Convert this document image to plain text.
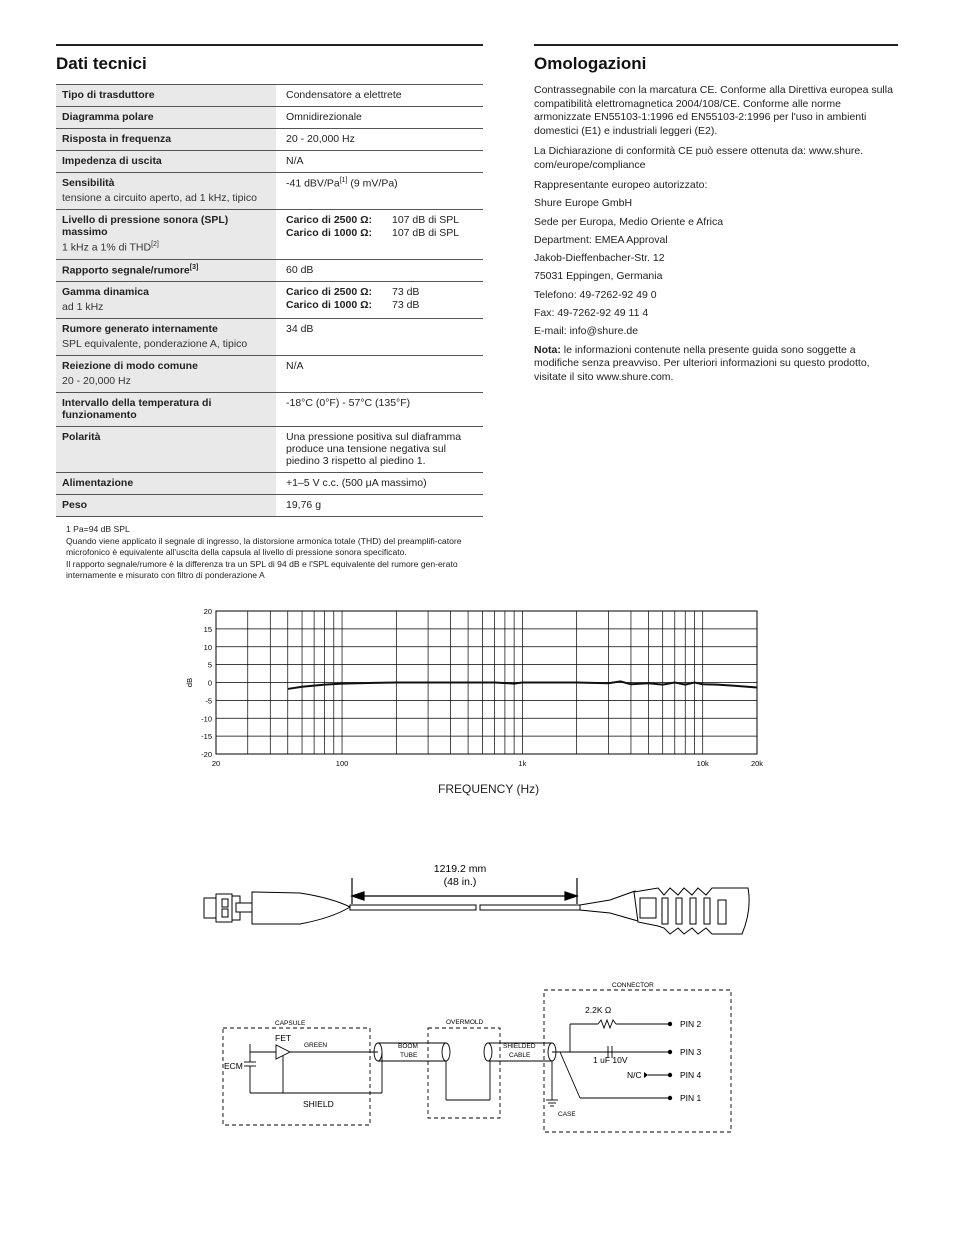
Dati tecnici
Tipo di trasduttore	Condensatore a elettrete

Diagramma polare	Omnidirezionale

Risposta in frequenza	20 - 20,000 Hz

Impedenza di uscita	N/A

Sensibilità
tensione a circuito aperto, ad 1 kHz, tipico	-41 dBV/Pa[1] (9 mV/Pa)

Livello di pressione sonora (SPL) massimo
1 kHz a 1% di THD[2]	Carico di 2500 Ω: 107 dB di SPL
Carico di 1000 Ω: 107 dB di SPL

Rapporto segnale/rumore[3]	60 dB

Gamma dinamica
ad 1 kHz	Carico di 2500 Ω: 73 dB
Carico di 1000 Ω: 73 dB

Rumore generato internamente
SPL equivalente, ponderazione A, tipico	34 dB

Reiezione di modo comune
20 - 20,000 Hz	N/A

Intervallo della temperatura di funzionamento	-18°C (0°F) - 57°C (135°F)

Polarità	Una pressione positiva sul diaframma produce una tensione negativa sul piedino 3 rispetto al piedino 1.

Alimentazione	+1–5 V c.c. (500 μA massimo)

Peso	19,76 g
1 Pa=94 dB SPL
Quando viene applicato il segnale di ingresso, la distorsione armonica totale (THD) del preamplifi-catore microfonico è equivalente all'uscita della capsula al livello di pressione sonora specificato.
Il rapporto segnale/rumore è la differenza tra un SPL di 94 dB e l'SPL equivalente del rumore gen-erato internamente e misurato con filtro di ponderazione A
Omologazioni

Contrassegnabile con la marcatura CE. Conforme alla Direttiva europea sulla compatibilità elettromagnetica 2004/108/CE. Conforme alle norme armonizzate EN55103-1:1996 ed EN55103-2:1996 per l'uso in ambienti domestici (E1) e industriali leggeri (E2).

La Dichiarazione di conformità CE può essere ottenuta da: www.shure. com/europe/compliance

Rappresentante europeo autorizzato:

Shure Europe GmbH

Sede per Europa, Medio Oriente e Africa

Department: EMEA Approval

Jakob-Dieffenbacher-Str. 12

75031 Eppingen, Germania

Telefono: 49-7262-92 49 0

Fax: 49-7262-92 49 11 4

E-mail: info@shure.de

Nota: le informazioni contenute nella presente guida sono soggette a modifiche senza preavviso. Per ulteriori informazioni su questo prodotto, visitate il sito www.shure.com.

20
15
10
5
0
-5
-10
-15
-20
20	100	1k	10k	20k
dB
FREQUENCY (Hz)
1219.2 mm
(48 in.)
CAPSULE	OVERMOLD
CONNECTOR
GREEN	BOOM
TUBE
SHIELDED
CABLE
CASE
FET
ECM
SHIELD
2.2K Ω
1 uF 10V
N/C
PIN 2
PIN 3
PIN 4
PIN 1
